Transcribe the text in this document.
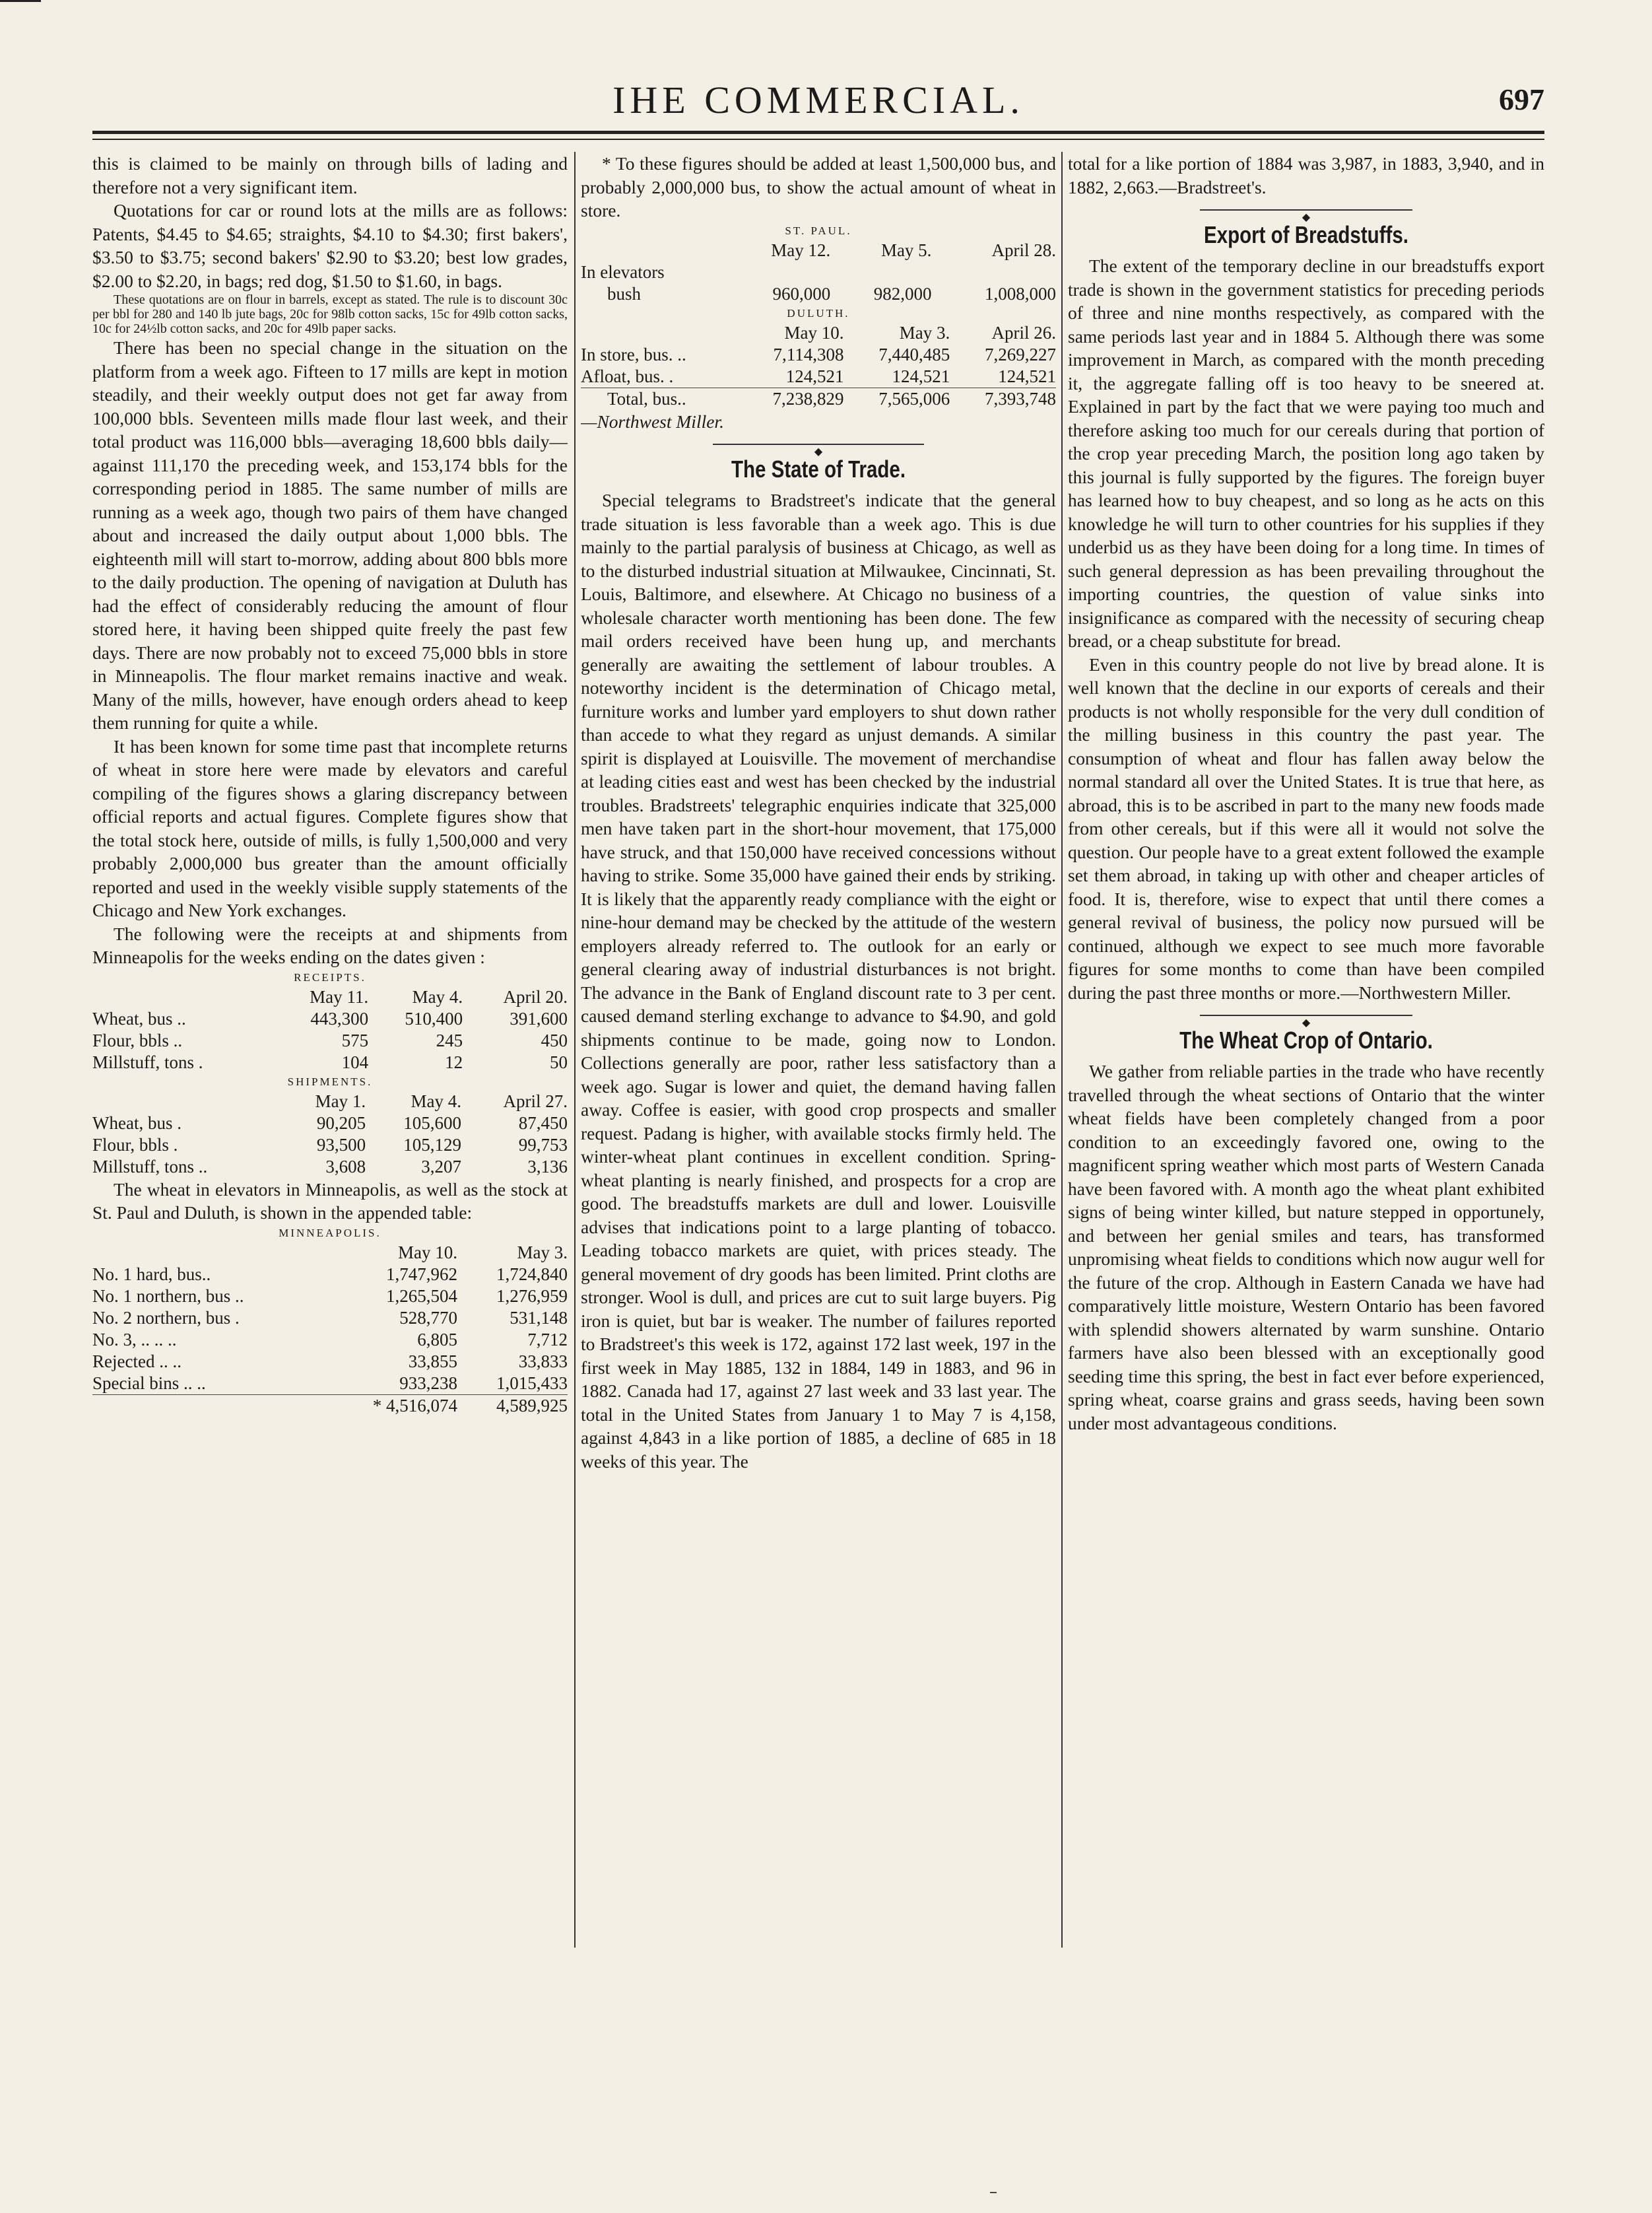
IHE COMMERCIAL.	697

this is claimed to be mainly on through bills of lading and therefore not a very significant item.

Quotations for car or round lots at the mills are as follows: Patents, $4.45 to $4.65; straights, $4.10 to $4.30; first bakers', $3.50 to $3.75; second bakers' $2.90 to $3.20; best low grades, $2.00 to $2.20, in bags; red dog, $1.50 to $1.60, in bags.

These quotations are on flour in barrels, except as stated. The rule is to discount 30c per bbl for 280 and 140 lb jute bags, 20c for 98lb cotton sacks, 15c for 49lb cotton sacks, 10c for 24½lb cotton sacks, and 20c for 49lb paper sacks.

There has been no special change in the situation on the platform from a week ago. Fifteen to 17 mills are kept in motion steadily, and their weekly output does not get far away from 100,000 bbls. Seventeen mills made flour last week, and their total product was 116,000 bbls—averaging 18,600 bbls daily—against 111,170 the preceding week, and 153,174 bbls for the corresponding period in 1885. The same number of mills are running as a week ago, though two pairs of them have changed about and increased the daily output about 1,000 bbls. The eighteenth mill will start to-morrow, adding about 800 bbls more to the daily production. The opening of navigation at Duluth has had the effect of considerably reducing the amount of flour stored here, it having been shipped quite freely the past few days. There are now probably not to exceed 75,000 bbls in store in Minneapolis. The flour market remains inactive and weak. Many of the mills, however, have enough orders ahead to keep them running for quite a while.

It has been known for some time past that incomplete returns of wheat in store here were made by elevators and careful compiling of the figures shows a glaring discrepancy between official reports and actual figures. Complete figures show that the total stock here, outside of mills, is fully 1,500,000 and very probably 2,000,000 bus greater than the amount officially reported and used in the weekly visible supply statements of the Chicago and New York exchanges.

The following were the receipts at and shipments from Minneapolis for the weeks ending on the dates given :

RECEIPTS.
	May 11.	May 4.	April 20.
Wheat, bus ..	443,300	510,400	391,600
Flour, bbls ..	575	245	450
Millstuff, tons .	104	12	50
SHIPMENTS.
	May 1.	May 4.	April 27.
Wheat, bus .	90,205	105,600	87,450
Flour, bbls .	93,500	105,129	99,753
Millstuff, tons ..	3,608	3,207	3,136

The wheat in elevators in Minneapolis, as well as the stock at St. Paul and Duluth, is shown in the appended table:

MINNEAPOLIS.
	May 10.	May 3.
No. 1 hard, bus..	1,747,962	1,724,840
No. 1 northern, bus ..	1,265,504	1,276,959
No. 2 northern, bus .	528,770	531,148
No. 3, .. .. ..	6,805	7,712
Rejected .. ..	33,855	33,833
Special bins .. ..	933,238	1,015,433
	* 4,516,074	4,589,925

* To these figures should be added at least 1,500,000 bus, and probably 2,000,000 bus, to show the actual amount of wheat in store.

ST. PAUL.
	May 12.	May 5.	April 28.
In elevators			
bush	960,000	982,000	1,008,000
DULUTH.
	May 10.	May 3.	April 26.
In store, bus. ..	7,114,308	7,440,485	7,269,227
Afloat, bus. .	124,521	124,521	124,521
Total, bus..	7,238,829	7,565,006	7,393,748

—Northwest Miller.

◆
The State of Trade.

Special telegrams to Bradstreet's indicate that the general trade situation is less favorable than a week ago. This is due mainly to the partial paralysis of business at Chicago, as well as to the disturbed industrial situation at Milwaukee, Cincinnati, St. Louis, Baltimore, and elsewhere. At Chicago no business of a wholesale character worth mentioning has been done. The few mail orders received have been hung up, and merchants generally are awaiting the settlement of labour troubles. A noteworthy incident is the determination of Chicago metal, furniture works and lumber yard employers to shut down rather than accede to what they regard as unjust demands. A similar spirit is displayed at Louisville. The movement of merchandise at leading cities east and west has been checked by the industrial troubles. Bradstreets' telegraphic enquiries indicate that 325,000 men have taken part in the short-hour movement, that 175,000 have struck, and that 150,000 have received concessions without having to strike. Some 35,000 have gained their ends by striking. It is likely that the apparently ready compliance with the eight or nine-hour demand may be checked by the attitude of the western employers already referred to. The outlook for an early or general clearing away of industrial disturbances is not bright. The advance in the Bank of England discount rate to 3 per cent. caused demand sterling exchange to advance to $4.90, and gold shipments continue to be made, going now to London. Collections generally are poor, rather less satisfactory than a week ago. Sugar is lower and quiet, the demand having fallen away. Coffee is easier, with good crop prospects and smaller request. Padang is higher, with available stocks firmly held. The winter-wheat plant continues in excellent condition. Spring-wheat planting is nearly finished, and prospects for a crop are good. The breadstuffs markets are dull and lower. Louisville advises that indications point to a large planting of tobacco. Leading tobacco markets are quiet, with prices steady. The general movement of dry goods has been limited. Print cloths are stronger. Wool is dull, and prices are cut to suit large buyers. Pig iron is quiet, but bar is weaker. The number of failures reported to Bradstreet's this week is 172, against 172 last week, 197 in the first week in May 1885, 132 in 1884, 149 in 1883, and 96 in 1882. Canada had 17, against 27 last week and 33 last year. The total in the United States from January 1 to May 7 is 4,158, against 4,843 in a like portion of 1885, a decline of 685 in 18 weeks of this year. The

total for a like portion of 1884 was 3,987, in 1883, 3,940, and in 1882, 2,663.—Bradstreet's.

◆
Export of Breadstuffs.

The extent of the temporary decline in our breadstuffs export trade is shown in the government statistics for preceding periods of three and nine months respectively, as compared with the same periods last year and in 1884 5. Although there was some improvement in March, as compared with the month preceding it, the aggregate falling off is too heavy to be sneered at. Explained in part by the fact that we were paying too much and therefore asking too much for our cereals during that portion of the crop year preceding March, the position long ago taken by this journal is fully supported by the figures. The foreign buyer has learned how to buy cheapest, and so long as he acts on this knowledge he will turn to other countries for his supplies if they underbid us as they have been doing for a long time. In times of such general depression as has been prevailing throughout the importing countries, the question of value sinks into insignificance as compared with the necessity of securing cheap bread, or a cheap substitute for bread.

Even in this country people do not live by bread alone. It is well known that the decline in our exports of cereals and their products is not wholly responsible for the very dull condition of the milling business in this country the past year. The consumption of wheat and flour has fallen away below the normal standard all over the United States. It is true that here, as abroad, this is to be ascribed in part to the many new foods made from other cereals, but if this were all it would not solve the question. Our people have to a great extent followed the example set them abroad, in taking up with other and cheaper articles of food. It is, therefore, wise to expect that until there comes a general revival of business, the policy now pursued will be continued, although we expect to see much more favorable figures for some months to come than have been compiled during the past three months or more.—Northwestern Miller.

◆
The Wheat Crop of Ontario.

We gather from reliable parties in the trade who have recently travelled through the wheat sections of Ontario that the winter wheat fields have been completely changed from a poor condition to an exceedingly favored one, owing to the magnificent spring weather which most parts of Western Canada have been favored with. A month ago the wheat plant exhibited signs of being winter killed, but nature stepped in opportunely, and between her genial smiles and tears, has transformed unpromising wheat fields to conditions which now augur well for the future of the crop. Although in Eastern Canada we have had comparatively little moisture, Western Ontario has been favored with splendid showers alternated by warm sunshine. Ontario farmers have also been blessed with an exceptionally good seeding time this spring, the best in fact ever before experienced, spring wheat, coarse grains and grass seeds, having been sown under most advantageous conditions.
